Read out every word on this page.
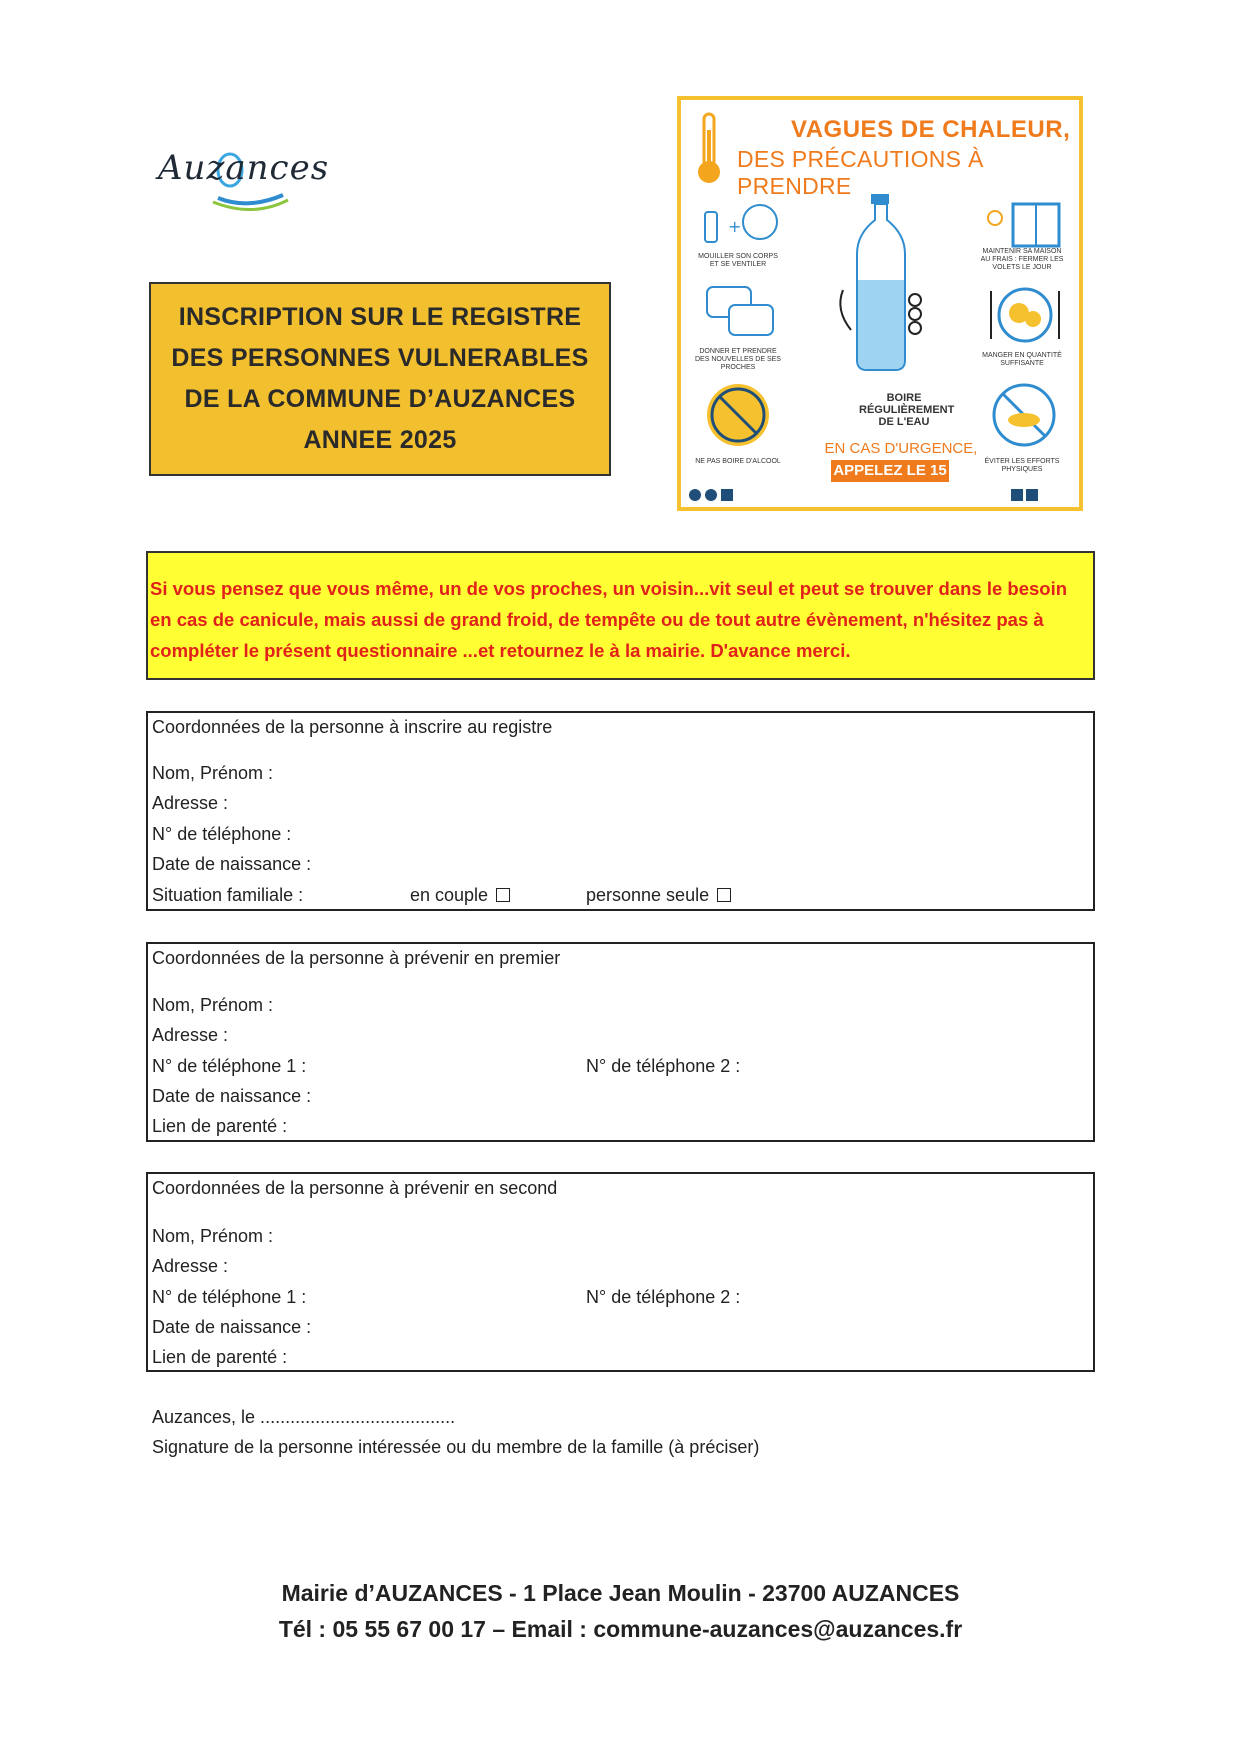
Auzances
INSCRIPTION SUR LE REGISTRE
DES PERSONNES VULNERABLES
DE LA COMMUNE D’AUZANCES
ANNEE 2025
VAGUES DE CHALEUR,
DES PRÉCAUTIONS À PRENDRE
+
MOUILLER SON CORPS ET SE VENTILER
DONNER ET PRENDRE DES NOUVELLES DE SES PROCHES
NE PAS BOIRE D'ALCOOL
BOIRE RÉGULIÈREMENT DE L'EAU
EN CAS D'URGENCE,
APPELEZ LE 15
MAINTENIR SA MAISON AU FRAIS : FERMER LES VOLETS LE JOUR
MANGER EN QUANTITÉ SUFFISANTE
ÉVITER LES EFFORTS PHYSIQUES
Si vous pensez que vous même, un de vos proches, un voisin...vit seul et peut se trouver dans le besoin
en cas de canicule, mais aussi de grand froid, de tempête ou de tout autre évènement, n'hésitez pas à
compléter le présent questionnaire ...et retournez le à la mairie. D'avance merci.
Coordonnées de la personne à inscrire au registre
Nom, Prénom :
Adresse :
N° de téléphone :
Date de naissance :
Situation familiale :	en couple	personne seule
Coordonnées de la personne à prévenir en premier
Nom, Prénom :
Adresse :
N° de téléphone 1 :	N° de téléphone 2 :
Date de naissance :
Lien de parenté :
Coordonnées de la personne à prévenir en second
Nom, Prénom :
Adresse :
N° de téléphone 1 :	N° de téléphone 2 :
Date de naissance :
Lien de parenté :
Auzances, le .......................................
Signature de la personne intéressée ou du membre de la famille (à préciser)
Mairie d’AUZANCES - 1 Place Jean Moulin - 23700 AUZANCES
Tél : 05 55 67 00 17 – Email : commune-auzances@auzances.fr
